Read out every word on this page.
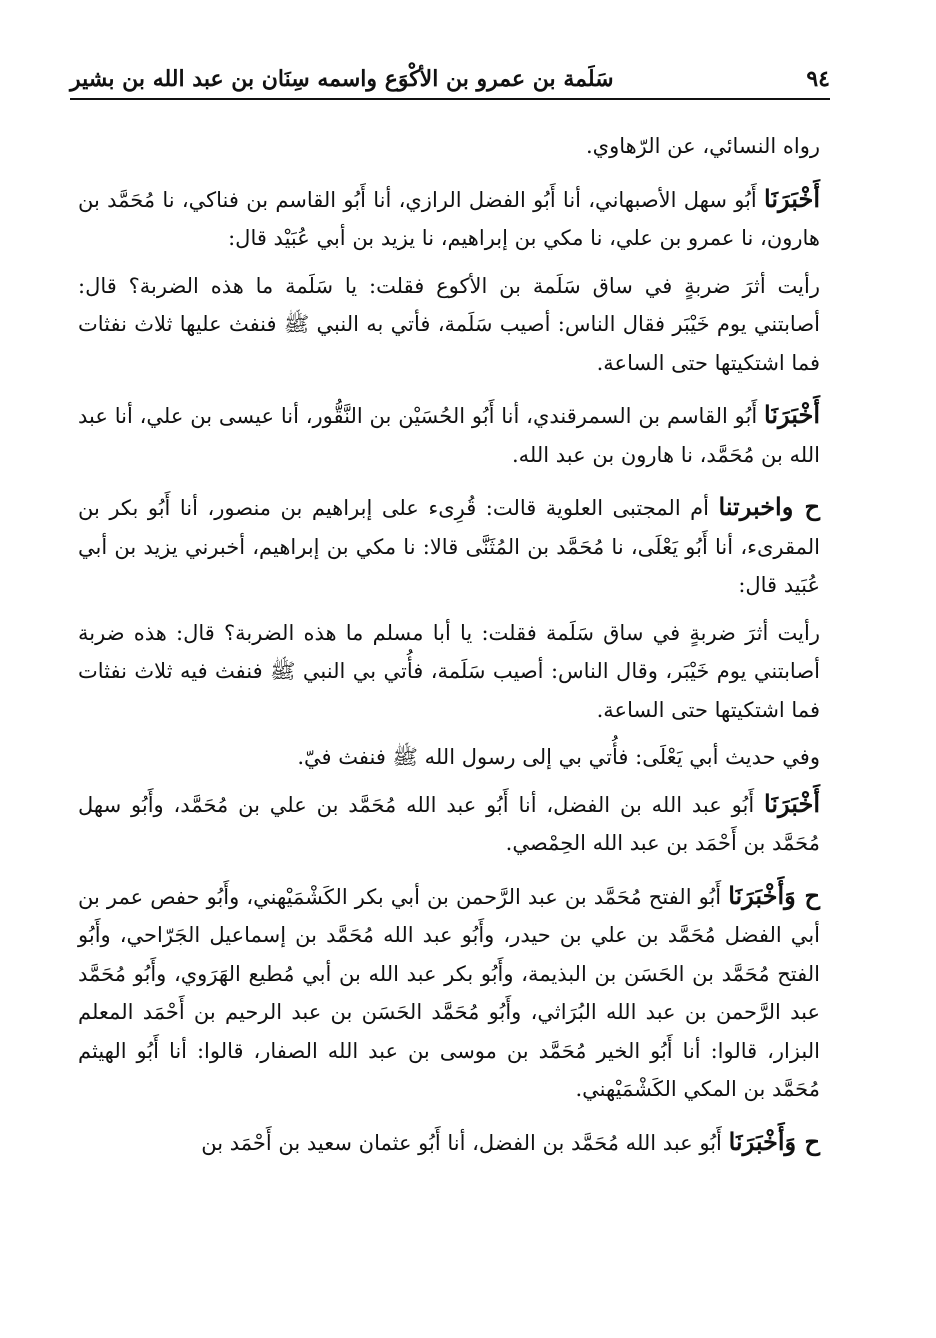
٩٤
سَلَمة بن عمرو بن الأكْوَع واسمه سِنَان بن عبد الله بن بشير

رواه النسائي، عن الرّهاوي.

أَخْبَرَنَا أَبُو سهل الأصبهاني، أنا أَبُو الفضل الرازي، أنا أَبُو القاسم بن فناكي، نا مُحَمَّد بن هارون، نا عمرو بن علي، نا مكي بن إبراهيم، نا يزيد بن أبي عُبَيْد قال:

رأيت أثرَ ضربةٍ في ساق سَلَمة بن الأكوع فقلت: يا سَلَمة ما هذه الضربة؟ قال: أصابتني يوم خَيْبَر فقال الناس: أصيب سَلَمة، فأتي به النبي ﷺ فنفث عليها ثلاث نفثات فما اشتكيتها حتى الساعة.

أَخْبَرَنَا أَبُو القاسم بن السمرقندي، أنا أَبُو الحُسَيْن بن النَّقُّور، أنا عيسى بن علي، أنا عبد الله بن مُحَمَّد، نا هارون بن عبد الله.

ح واخبرتنا أم المجتبى العلوية قالت: قُرِىء على إبراهيم بن منصور، أنا أَبُو بكر بن المقرىء، أنا أَبُو يَعْلَى، نا مُحَمَّد بن المُثَنَّى قالا: نا مكي بن إبراهيم، أخبرني يزيد بن أبي عُبَيد قال:

رأيت أثرَ ضربةٍ في ساق سَلَمة فقلت: يا أبا مسلم ما هذه الضربة؟ قال: هذه ضربة أصابتني يوم خَيْبَر، وقال الناس: أصيب سَلَمة، فأُتي بي النبي ﷺ فنفث فيه ثلاث نفثات فما اشتكيتها حتى الساعة.

وفي حديث أبي يَعْلَى: فأُتي بي إلى رسول الله ﷺ فنفث فيّ.

أَخْبَرَنَا أَبُو عبد الله بن الفضل، أنا أَبُو عبد الله مُحَمَّد بن علي بن مُحَمَّد، وأَبُو سهل مُحَمَّد بن أَحْمَد بن عبد الله الحِمْصي.

ح وَأَخْبَرَنَا أَبُو الفتح مُحَمَّد بن عبد الرَّحمن بن أبي بكر الكَشْمَيْهني، وأَبُو حفص عمر بن أبي الفضل مُحَمَّد بن علي بن حيدر، وأَبُو عبد الله مُحَمَّد بن إسماعيل الجَرّاحي، وأَبُو الفتح مُحَمَّد بن الحَسَن بن البذيمة، وأَبُو بكر عبد الله بن أبي مُطيع الهَرَوي، وأَبُو مُحَمَّد عبد الرَّحمن بن عبد الله البُرَاثي، وأَبُو مُحَمَّد الحَسَن بن عبد الرحيم بن أَحْمَد المعلم البزار، قالوا: أنا أَبُو الخير مُحَمَّد بن موسى بن عبد الله الصفار، قالوا: أنا أَبُو الهيثم مُحَمَّد بن المكي الكَشْمَيْهني.

ح وَأَخْبَرَنَا أَبُو عبد الله مُحَمَّد بن الفضل، أنا أَبُو عثمان سعيد بن أَحْمَد بن
